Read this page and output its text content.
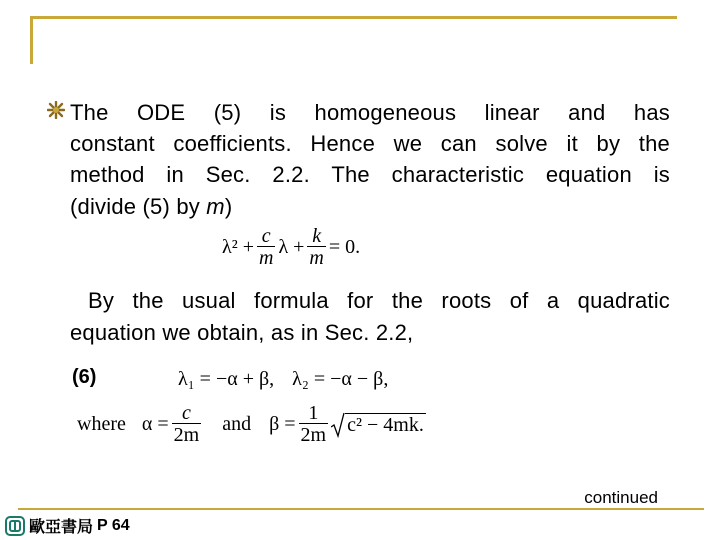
The ODE (5) is homogeneous linear and has
constant coefficients. Hence we can solve it by the
method in Sec. 2.2. The characteristic equation is
(divide (5) by m)
$\lambda^2 + \frac{c}{m}$ $\lambda + \frac{k}{m} = 0$.
By the usual formula for the roots of a quadratic
equation we obtain, as in Sec. 2.2,
(6)	λ₁ = −α + β, λ₂ = −α − β,
where $\alpha = \frac{c}{2m}$ and $\beta = \frac{1}{2m} c^2 - 4mk$.
continued
歐亞書局 P 64
